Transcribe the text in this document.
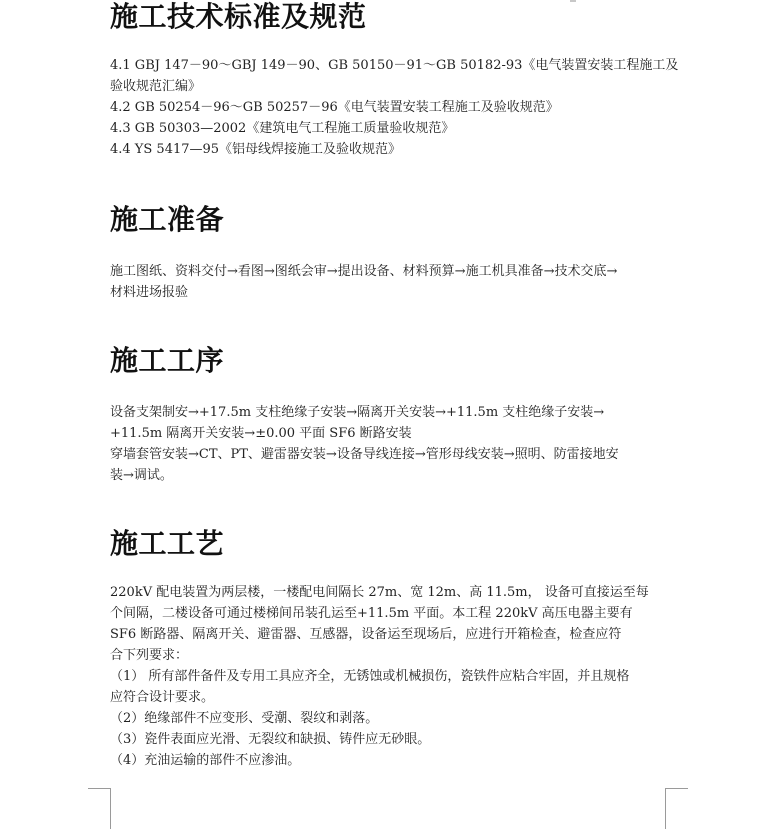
施工技术标准及规范
4.1 GBJ 147－90～GBJ 149－90、GB 50150－91～GB 50182-93《电气装置安装工程施工及
验收规范汇编》
4.2 GB 50254－96～GB 50257－96《电气装置安装工程施工及验收规范》
4.3 GB 50303—2002《建筑电气工程施工质量验收规范》
4.4 YS 5417—95《铝母线焊接施工及验收规范》
施工准备
施工图纸、资料交付→看图→图纸会审→提出设备、材料预算→施工机具准备→技术交底→
材料进场报验
施工工序
设备支架制安→+17.5m 支柱绝缘子安装→隔离开关安装→+11.5m 支柱绝缘子安装→
+11.5m 隔离开关安装→±0.00 平面 SF6 断路安装
穿墙套管安装→CT、PT、避雷器安装→设备导线连接→管形母线安装→照明、防雷接地安
装→调试。
施工工艺
220kV 配电装置为两层楼，一楼配电间隔长 27m、宽 12m、高 11.5m， 设备可直接运至每
个间隔，二楼设备可通过楼梯间吊装孔运至+11.5m 平面。本工程 220kV 高压电器主要有
SF6 断路器、隔离开关、避雷器、互感器，设备运至现场后，应进行开箱检查，检查应符
合下列要求：
（1） 所有部件备件及专用工具应齐全，无锈蚀或机械损伤，瓷铁件应粘合牢固，并且规格
应符合设计要求。
（2）绝缘部件不应变形、受潮、裂纹和剥落。
（3）瓷件表面应光滑、无裂纹和缺损、铸件应无砂眼。
（4）充油运输的部件不应渗油。
